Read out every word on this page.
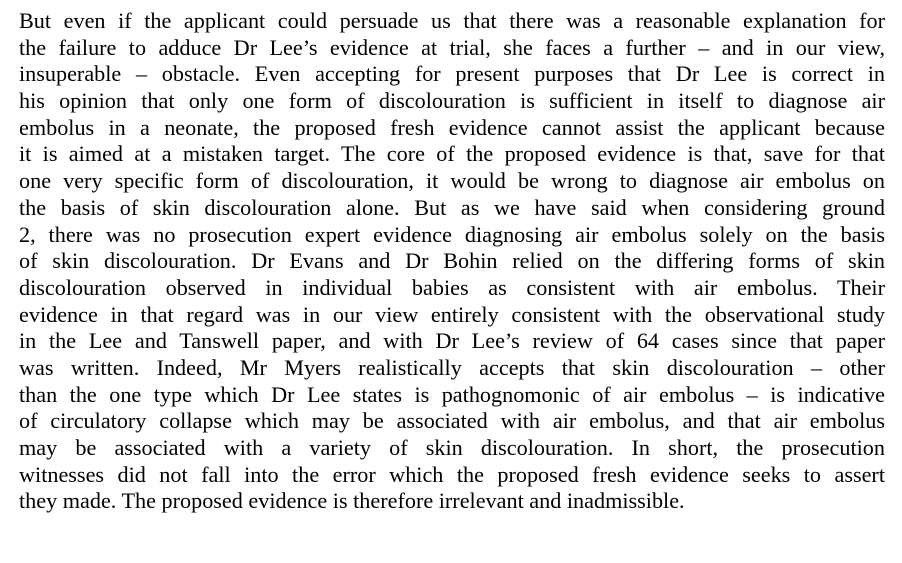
But even if the applicant could persuade us that there was a reasonable explanation for
the failure to adduce Dr Lee’s evidence at trial, she faces a further – and in our view,
insuperable – obstacle. Even accepting for present purposes that Dr Lee is correct in
his opinion that only one form of discolouration is sufficient in itself to diagnose air
embolus in a neonate, the proposed fresh evidence cannot assist the applicant because
it is aimed at a mistaken target. The core of the proposed evidence is that, save for that
one very specific form of discolouration, it would be wrong to diagnose air embolus on
the basis of skin discolouration alone. But as we have said when considering ground
2, there was no prosecution expert evidence diagnosing air embolus solely on the basis
of skin discolouration. Dr Evans and Dr Bohin relied on the differing forms of skin
discolouration observed in individual babies as consistent with air embolus. Their
evidence in that regard was in our view entirely consistent with the observational study
in the Lee and Tanswell paper, and with Dr Lee’s review of 64 cases since that paper
was written. Indeed, Mr Myers realistically accepts that skin discolouration – other
than the one type which Dr Lee states is pathognomonic of air embolus – is indicative
of circulatory collapse which may be associated with air embolus, and that air embolus
may be associated with a variety of skin discolouration. In short, the prosecution
witnesses did not fall into the error which the proposed fresh evidence seeks to assert
they made. The proposed evidence is therefore irrelevant and inadmissible.
